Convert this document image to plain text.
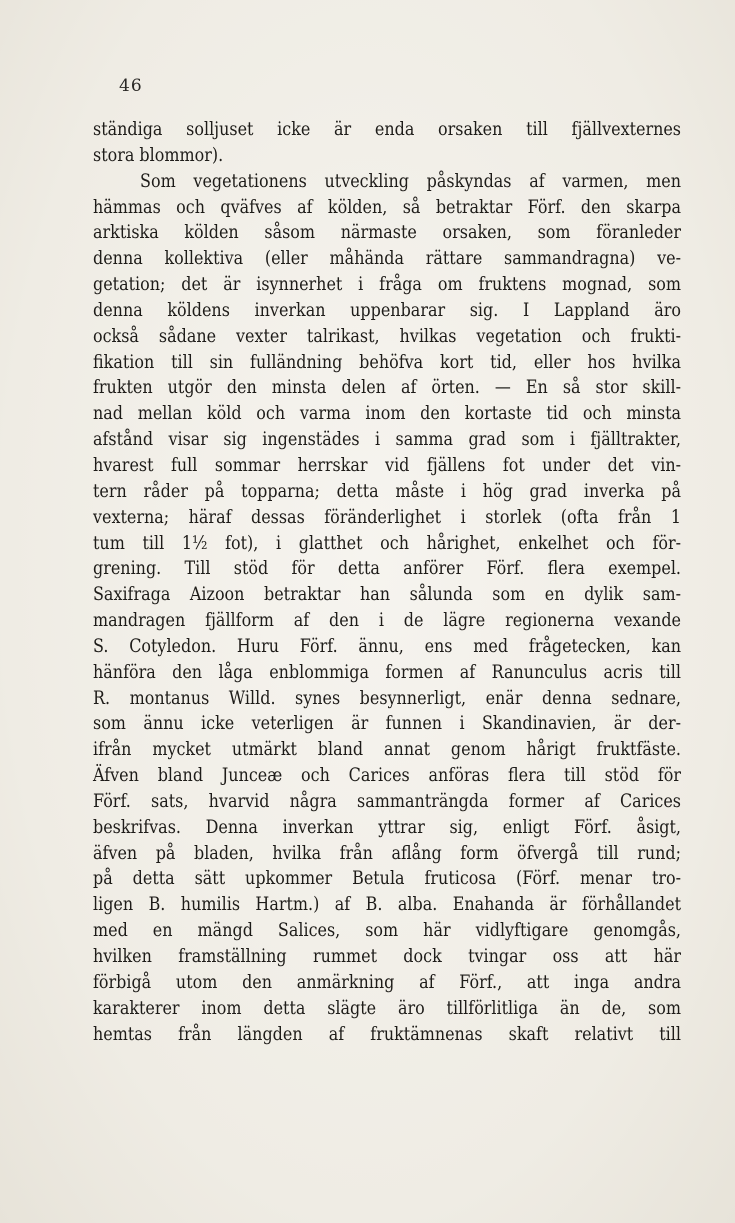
46
ständiga solljuset icke är enda orsaken till fjällvexternes
stora blommor).
Som vegetationens utveckling påskyndas af varmen, men
hämmas och qväfves af kölden, så betraktar Förf. den skarpa
arktiska kölden såsom närmaste orsaken, som föranleder
denna kollektiva (eller måhända rättare sammandragna) ve-
getation; det är isynnerhet i fråga om fruktens mognad, som
denna köldens inverkan uppenbarar sig. I Lappland äro
också sådane vexter talrikast, hvilkas vegetation och frukti-
fikation till sin fulländning behöfva kort tid, eller hos hvilka
frukten utgör den minsta delen af örten. — En så stor skill-
nad mellan köld och varma inom den kortaste tid och minsta
afstånd visar sig ingenstädes i samma grad som i fjälltrakter,
hvarest full sommar herrskar vid fjällens fot under det vin-
tern råder på topparna; detta måste i hög grad inverka på
vexterna; häraf dessas föränderlighet i storlek (ofta från 1
tum till 1½ fot), i glatthet och hårighet, enkelhet och för-
grening. Till stöd för detta anförer Förf. flera exempel.
Saxifraga Aizoon betraktar han sålunda som en dylik sam-
mandragen fjällform af den i de lägre regionerna vexande
S. Cotyledon. Huru Förf. ännu, ens med frågetecken, kan
hänföra den låga enblommiga formen af Ranunculus acris till
R. montanus Willd. synes besynnerligt, enär denna sednare,
som ännu icke veterligen är funnen i Skandinavien, är der-
ifrån mycket utmärkt bland annat genom hårigt fruktfäste.
Äfven bland Junceæ och Carices anföras flera till stöd för
Förf. sats, hvarvid några sammanträngda former af Carices
beskrifvas. Denna inverkan yttrar sig, enligt Förf. åsigt,
äfven på bladen, hvilka från aflång form öfvergå till rund;
på detta sätt upkommer Betula fruticosa (Förf. menar tro-
ligen B. humilis Hartm.) af B. alba. Enahanda är förhållandet
med en mängd Salices, som här vidlyftigare genomgås,
hvilken framställning rummet dock tvingar oss att här
förbigå utom den anmärkning af Förf., att inga andra
karakterer inom detta slägte äro tillförlitliga än de, som
hemtas från längden af fruktämnenas skaft relativt till
